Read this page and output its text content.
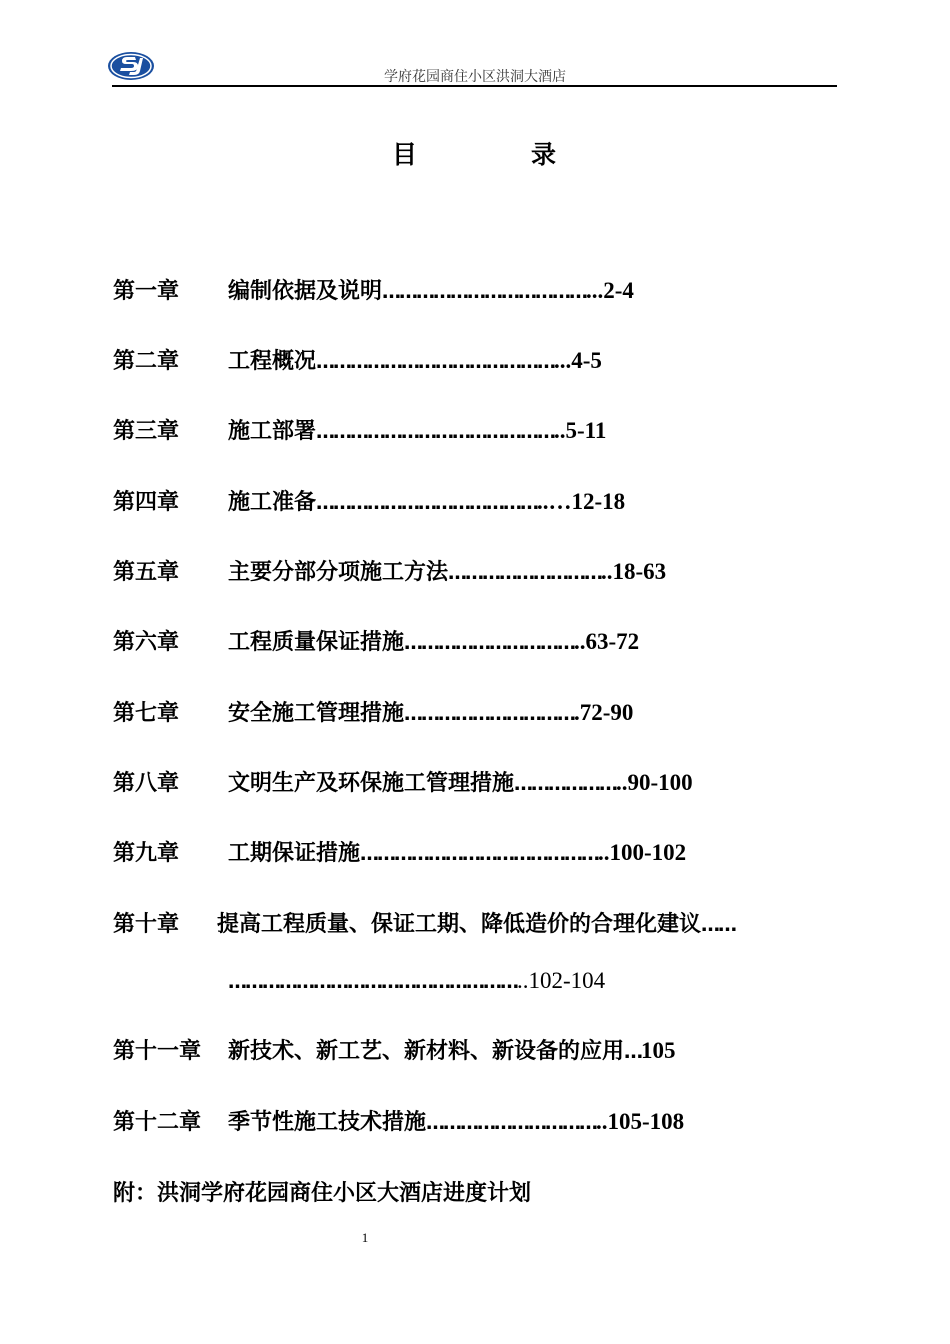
学府花园商住小区洪洞大酒店
目	录
第一章 编制依据及说明………………………………...2-4
第二章 工程概况……………………………………...4-5
第三章 施工部署……………………………………..5-11
第四章 施工准备…………………………………..…12-18
第五章 主要分部分项施工方法………………………..18-63
第六章 工程质量保证措施…………………………..63-72
第七章 安全施工管理措施………………………….72-90
第八章 文明生产及环保施工管理措施………………..90-100
第九章 工期保证措施……………………………………..100-102
第十章 提高工程质量、保证工期、降低造价的合理化建议……
……………………………………………..102-104
第十一章 新技术、新工艺、新材料、新设备的应用…105
第十二章 季节性施工技术措施…………………………..105-108
附：洪洞学府花园商住小区大酒店进度计划
1
